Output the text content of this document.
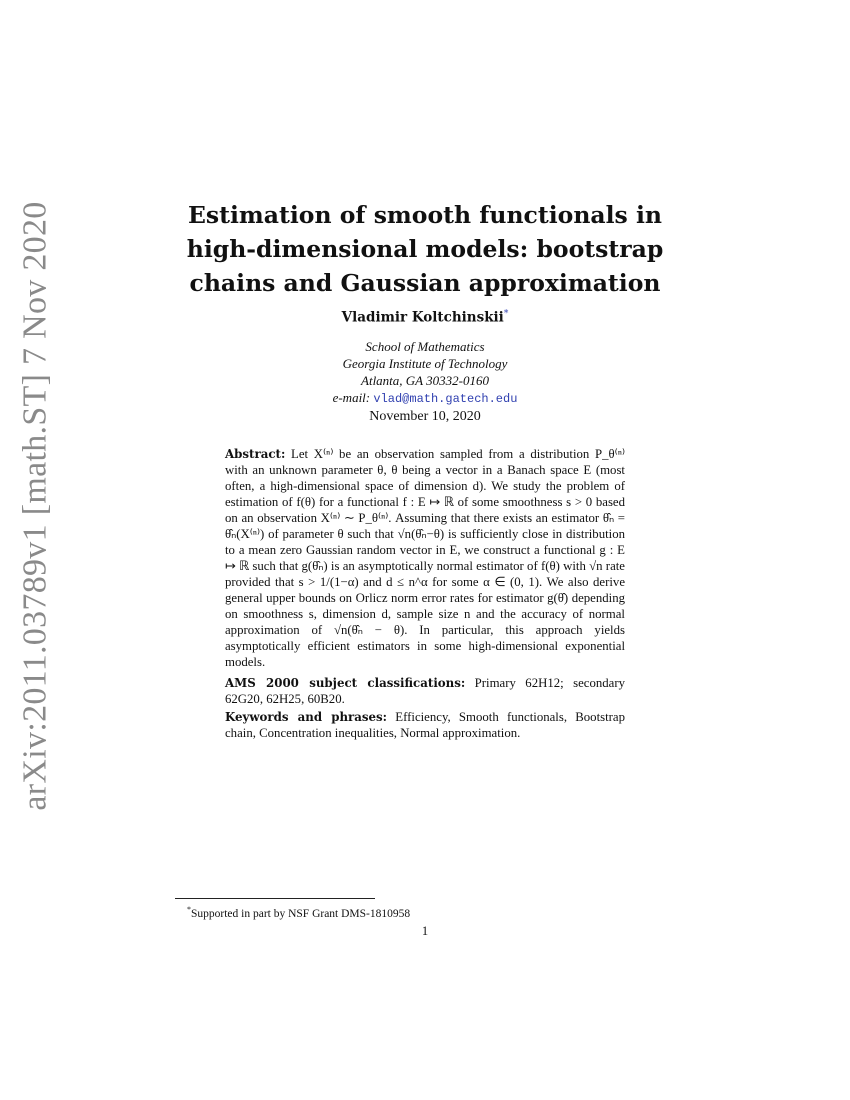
arXiv:2011.03789v1 [math.ST] 7 Nov 2020	Estimation of smooth functionals in high-dimensional models: bootstrap chains and Gaussian approximation
Vladimir Koltchinskii*
School of Mathematics
Georgia Institute of Technology
Atlanta, GA 30332-0160
e-mail: vlad@math.gatech.edu
November 10, 2020
Abstract: Let X⁽ⁿ⁾ be an observation sampled from a distribution P_θ⁽ⁿ⁾ with an unknown parameter θ, θ being a vector in a Banach space E (most often, a high-dimensional space of dimension d). We study the problem of estimation of f(θ) for a functional f : E ↦ ℝ of some smoothness s > 0 based on an observation X⁽ⁿ⁾ ∼ P_θ⁽ⁿ⁾. Assuming that there exists an estimator θ̂ₙ = θ̂ₙ(X⁽ⁿ⁾) of parameter θ such that √n(θ̂ₙ−θ) is sufficiently close in distribution to a mean zero Gaussian random vector in E, we construct a functional g : E ↦ ℝ such that g(θ̂ₙ) is an asymptotically normal estimator of f(θ) with √n rate provided that s > 1/(1−α) and d ≤ n^α for some α ∈ (0, 1). We also derive general upper bounds on Orlicz norm error rates for estimator g(θ̂) depending on smoothness s, dimension d, sample size n and the accuracy of normal approximation of √n(θ̂ₙ − θ). In particular, this approach yields asymptotically efficient estimators in some high-dimensional exponential models.
AMS 2000 subject classifications: Primary 62H12; secondary 62G20, 62H25, 60B20.
Keywords and phrases: Efficiency, Smooth functionals, Bootstrap chain, Concentration inequalities, Normal approximation.
*Supported in part by NSF Grant DMS-1810958
1
